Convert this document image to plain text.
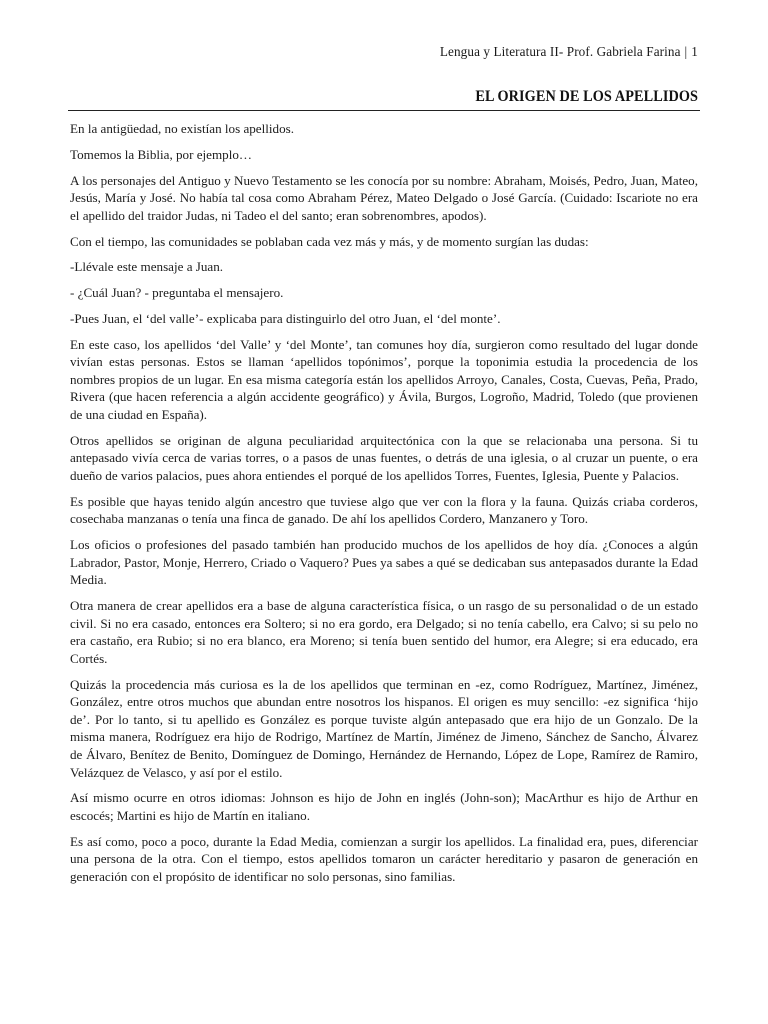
Lengua y Literatura II- Prof. Gabriela Farina | 1
EL ORIGEN DE LOS APELLIDOS

En la antigüedad, no existían los apellidos.

Tomemos la Biblia, por ejemplo…

A los personajes del Antiguo y Nuevo Testamento se les conocía por su nombre: Abraham, Moisés, Pedro, Juan, Mateo, Jesús, María y José. No había tal cosa como Abraham Pérez, Mateo Delgado o José García. (Cuidado: Iscariote no era el apellido del traidor Judas, ni Tadeo el del santo; eran sobrenombres, apodos).

Con el tiempo, las comunidades se poblaban cada vez más y más, y de momento surgían las dudas:

-Llévale este mensaje a Juan.

- ¿Cuál Juan? - preguntaba el mensajero.

-Pues Juan, el ‘del valle’- explicaba para distinguirlo del otro Juan, el ‘del monte’.

En este caso, los apellidos ‘del Valle’ y ‘del Monte’, tan comunes hoy día, surgieron como resultado del lugar donde vivían estas personas. Estos se llaman ‘apellidos topónimos’, porque la toponimia estudia la procedencia de los nombres propios de un lugar. En esa misma categoría están los apellidos Arroyo, Canales, Costa, Cuevas, Peña, Prado, Rivera (que hacen referencia a algún accidente geográfico) y Ávila, Burgos, Logroño, Madrid, Toledo (que provienen de una ciudad en España).

Otros apellidos se originan de alguna peculiaridad arquitectónica con la que se relacionaba una persona. Si tu antepasado vivía cerca de varias torres, o a pasos de unas fuentes, o detrás de una iglesia, o al cruzar un puente, o era dueño de varios palacios, pues ahora entiendes el porqué de los apellidos Torres, Fuentes, Iglesia, Puente y Palacios.

Es posible que hayas tenido algún ancestro que tuviese algo que ver con la flora y la fauna. Quizás criaba corderos, cosechaba manzanas o tenía una finca de ganado. De ahí los apellidos Cordero, Manzanero y Toro.

Los oficios o profesiones del pasado también han producido muchos de los apellidos de hoy día. ¿Conoces a algún Labrador, Pastor, Monje, Herrero, Criado o Vaquero? Pues ya sabes a qué se dedicaban sus antepasados durante la Edad Media.

Otra manera de crear apellidos era a base de alguna característica física, o un rasgo de su personalidad o de un estado civil. Si no era casado, entonces era Soltero; si no era gordo, era Delgado; si no tenía cabello, era Calvo; si su pelo no era castaño, era Rubio; si no era blanco, era Moreno; si tenía buen sentido del humor, era Alegre; si era educado, era Cortés.

Quizás la procedencia más curiosa es la de los apellidos que terminan en -ez, como Rodríguez, Martínez, Jiménez, González, entre otros muchos que abundan entre nosotros los hispanos. El origen es muy sencillo: -ez significa ‘hijo de’. Por lo tanto, si tu apellido es González es porque tuviste algún antepasado que era hijo de un Gonzalo. De la misma manera, Rodríguez era hijo de Rodrigo, Martínez de Martín, Jiménez de Jimeno, Sánchez de Sancho, Álvarez de Álvaro, Benítez de Benito, Domínguez de Domingo, Hernández de Hernando, López de Lope, Ramírez de Ramiro, Velázquez de Velasco, y así por el estilo.

Así mismo ocurre en otros idiomas: Johnson es hijo de John en inglés (John-son); MacArthur es hijo de Arthur en escocés; Martini es hijo de Martín en italiano.

Es así como, poco a poco, durante la Edad Media, comienzan a surgir los apellidos. La finalidad era, pues, diferenciar una persona de la otra. Con el tiempo, estos apellidos tomaron un carácter hereditario y pasaron de generación en generación con el propósito de identificar no solo personas, sino familias.
